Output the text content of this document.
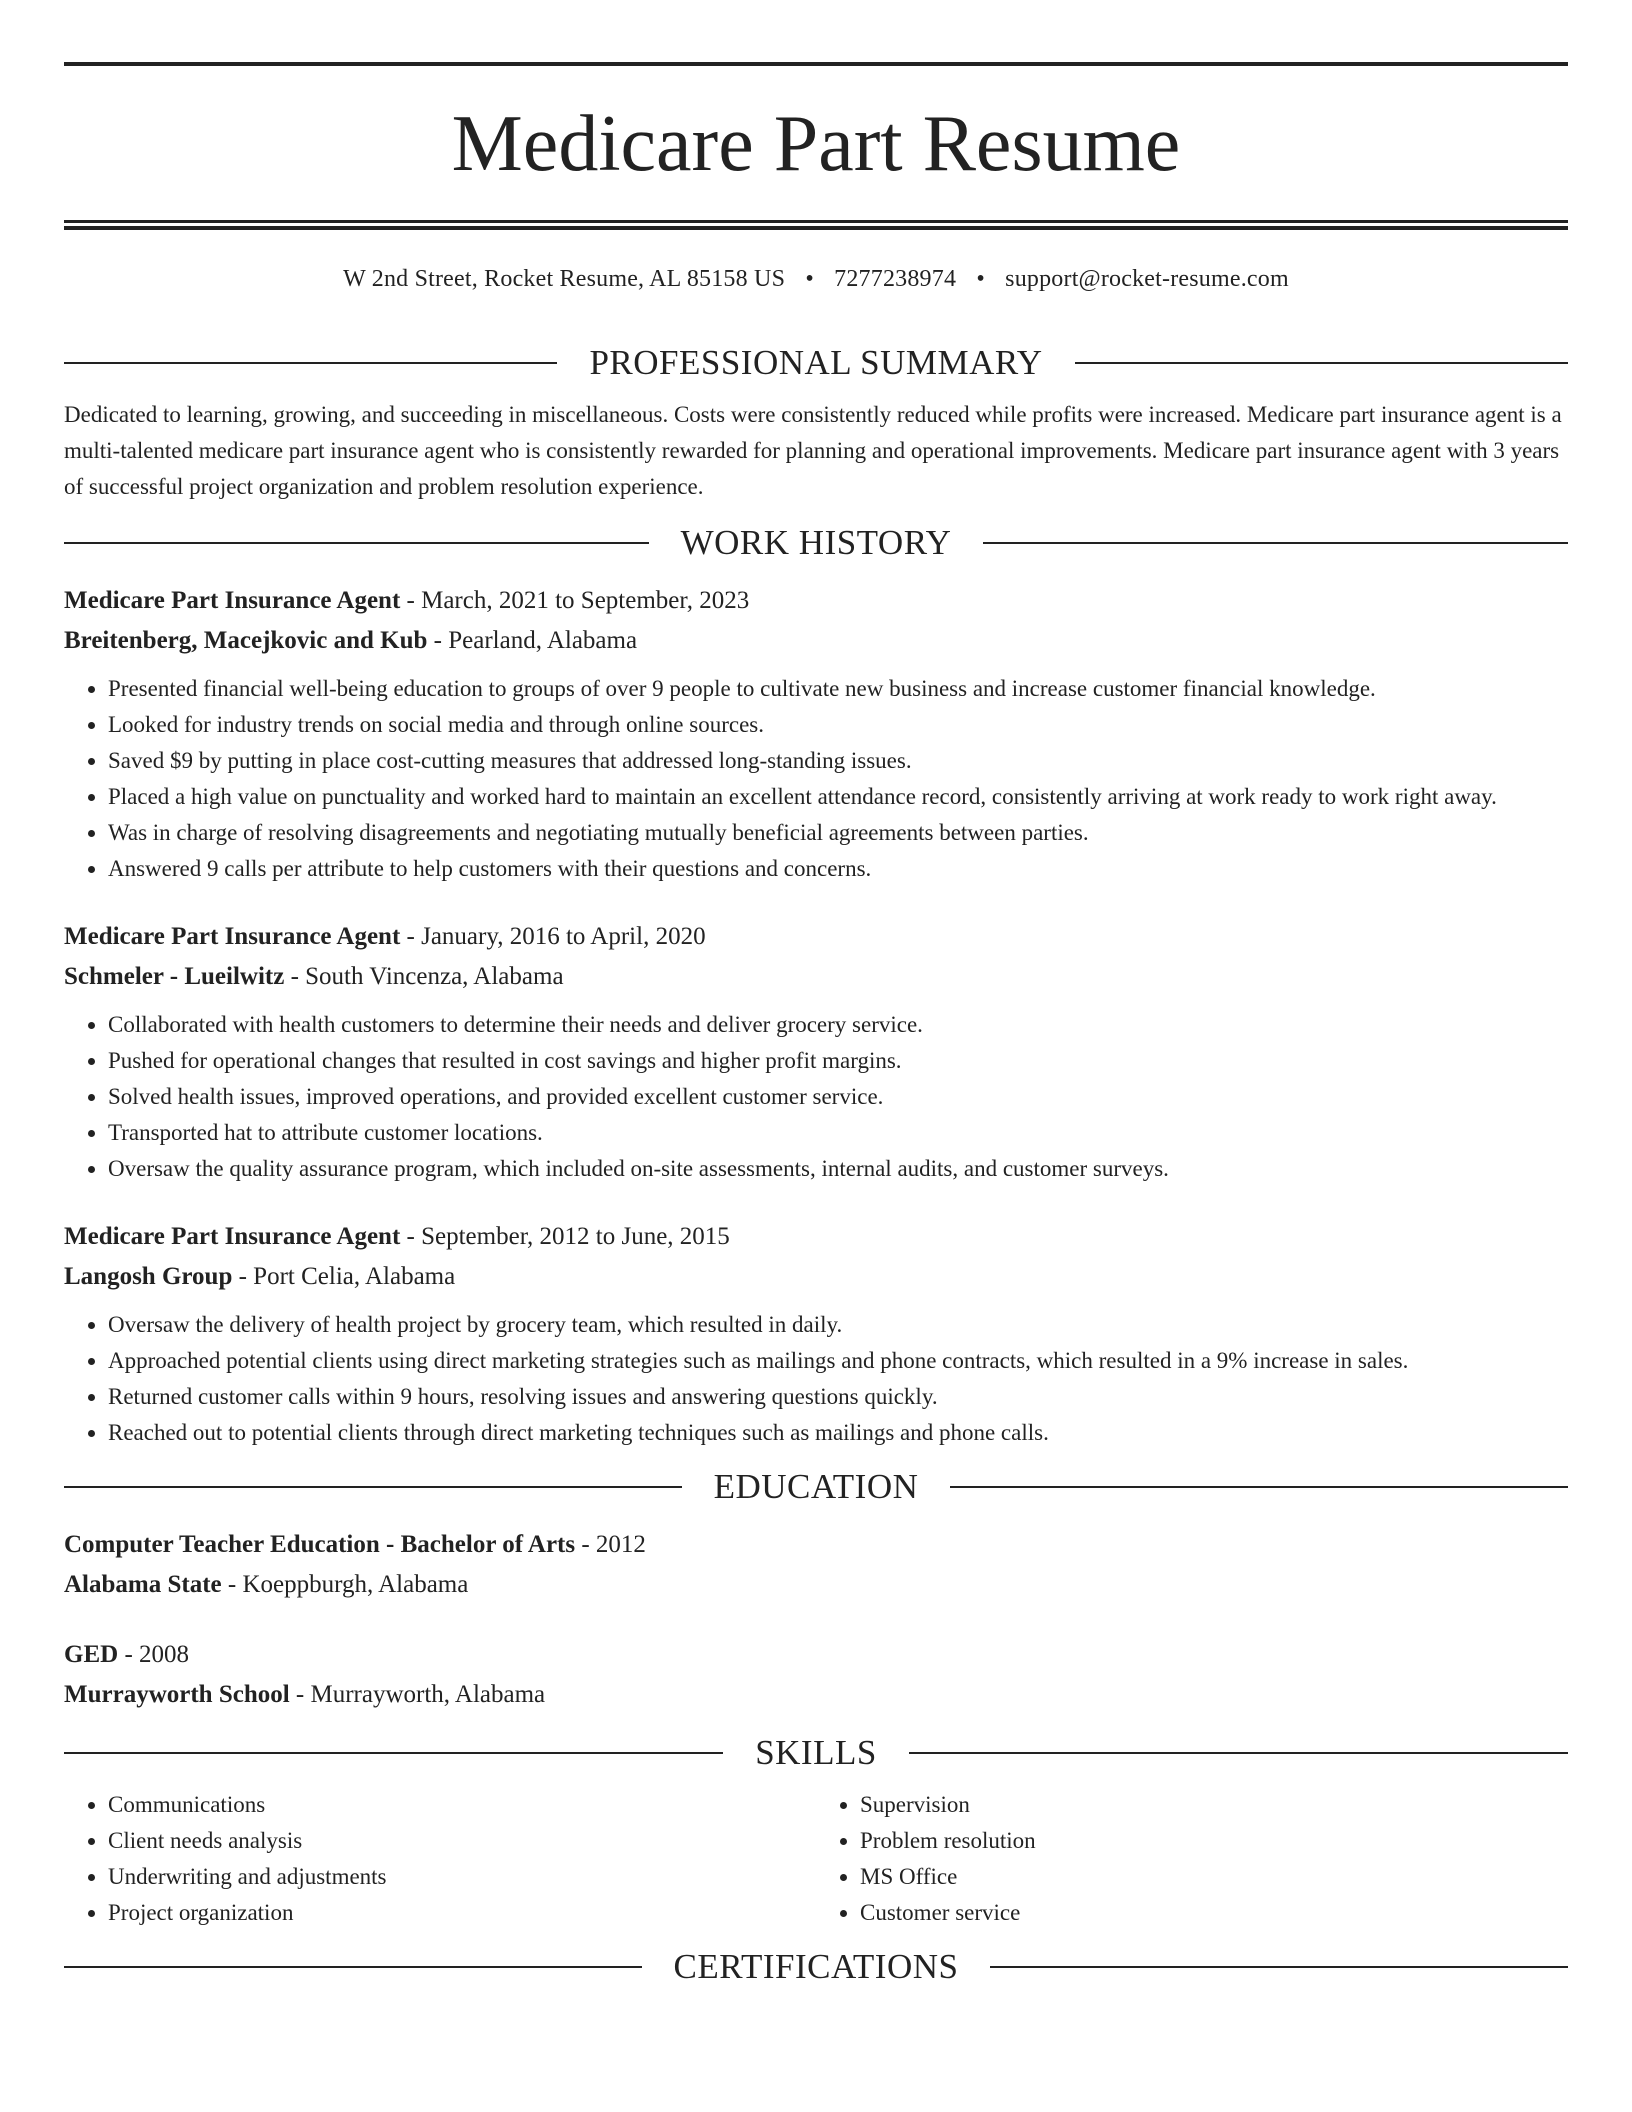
Medicare Part Resume
W 2nd Street, Rocket Resume, AL 85158 US • 7277238974 • support@rocket-resume.com
PROFESSIONAL SUMMARY
Dedicated to learning, growing, and succeeding in miscellaneous. Costs were consistently reduced while profits were increased. Medicare part insurance agent is a multi-talented medicare part insurance agent who is consistently rewarded for planning and operational improvements. Medicare part insurance agent with 3 years of successful project organization and problem resolution experience.
WORK HISTORY
Medicare Part Insurance Agent - March, 2021 to September, 2023
Breitenberg, Macejkovic and Kub - Pearland, Alabama
• Presented financial well-being education to groups of over 9 people to cultivate new business and increase customer financial knowledge.
• Looked for industry trends on social media and through online sources.
• Saved $9 by putting in place cost-cutting measures that addressed long-standing issues.
• Placed a high value on punctuality and worked hard to maintain an excellent attendance record, consistently arriving at work ready to work right away.
• Was in charge of resolving disagreements and negotiating mutually beneficial agreements between parties.
• Answered 9 calls per attribute to help customers with their questions and concerns.
Medicare Part Insurance Agent - January, 2016 to April, 2020
Schmeler - Lueilwitz - South Vincenza, Alabama
• Collaborated with health customers to determine their needs and deliver grocery service.
• Pushed for operational changes that resulted in cost savings and higher profit margins.
• Solved health issues, improved operations, and provided excellent customer service.
• Transported hat to attribute customer locations.
• Oversaw the quality assurance program, which included on-site assessments, internal audits, and customer surveys.
Medicare Part Insurance Agent - September, 2012 to June, 2015
Langosh Group - Port Celia, Alabama
• Oversaw the delivery of health project by grocery team, which resulted in daily.
• Approached potential clients using direct marketing strategies such as mailings and phone contracts, which resulted in a 9% increase in sales.
• Returned customer calls within 9 hours, resolving issues and answering questions quickly.
• Reached out to potential clients through direct marketing techniques such as mailings and phone calls.
EDUCATION
Computer Teacher Education - Bachelor of Arts - 2012
Alabama State - Koeppburgh, Alabama
GED - 2008
Murrayworth School - Murrayworth, Alabama
SKILLS
• Communications
• Client needs analysis
• Underwriting and adjustments
• Project organization
• Supervision
• Problem resolution
• MS Office
• Customer service
CERTIFICATIONS
